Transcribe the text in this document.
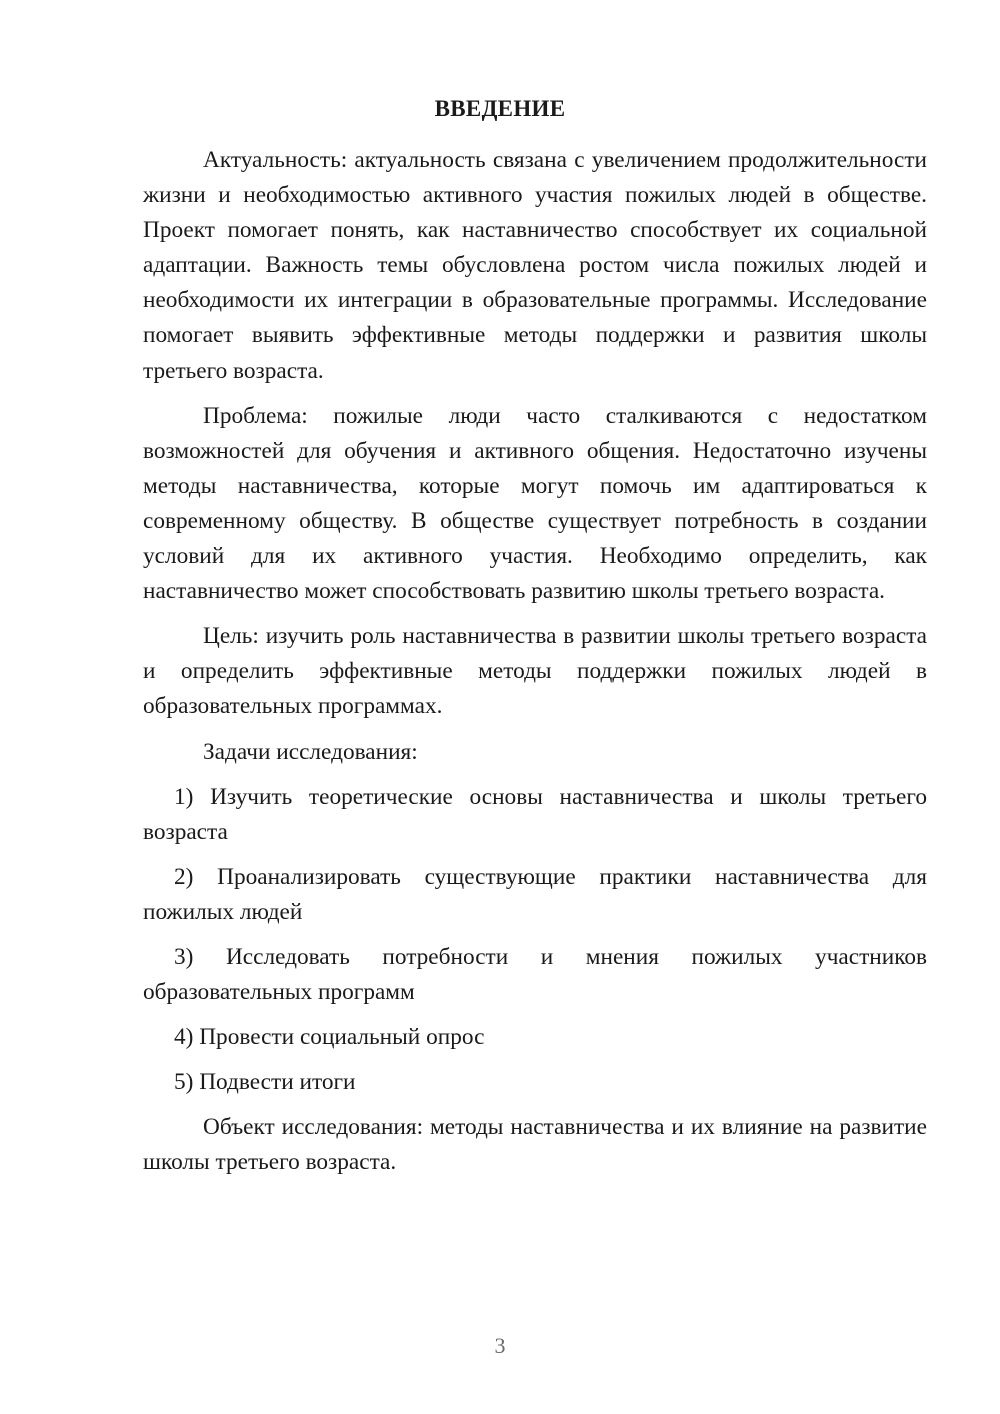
ВВЕДЕНИЕ

Актуальность: актуальность связана с увеличением продолжительности жизни и необходимостью активного участия пожилых людей в обществе. Проект помогает понять, как наставничество способствует их социальной адаптации. Важность темы обусловлена ростом числа пожилых людей и необходимости их интеграции в образовательные программы. Исследование помогает выявить эффективные методы поддержки и развития школы третьего возраста.

Проблема: пожилые люди часто сталкиваются с недостатком возможностей для обучения и активного общения. Недостаточно изучены методы наставничества, которые могут помочь им адаптироваться к современному обществу. В обществе существует потребность в создании условий для их активного участия. Необходимо определить, как наставничество может способствовать развитию школы третьего возраста.

Цель: изучить роль наставничества в развитии школы третьего возраста и определить эффективные методы поддержки пожилых людей в образовательных программах.

Задачи исследования:

1) Изучить теоретические основы наставничества и школы третьего возраста

2) Проанализировать существующие практики наставничества для пожилых людей

3) Исследовать потребности и мнения пожилых участников образовательных программ

4) Провести социальный опрос

5) Подвести итоги

Объект исследования: методы наставничества и их влияние на развитие школы третьего возраста.

3
